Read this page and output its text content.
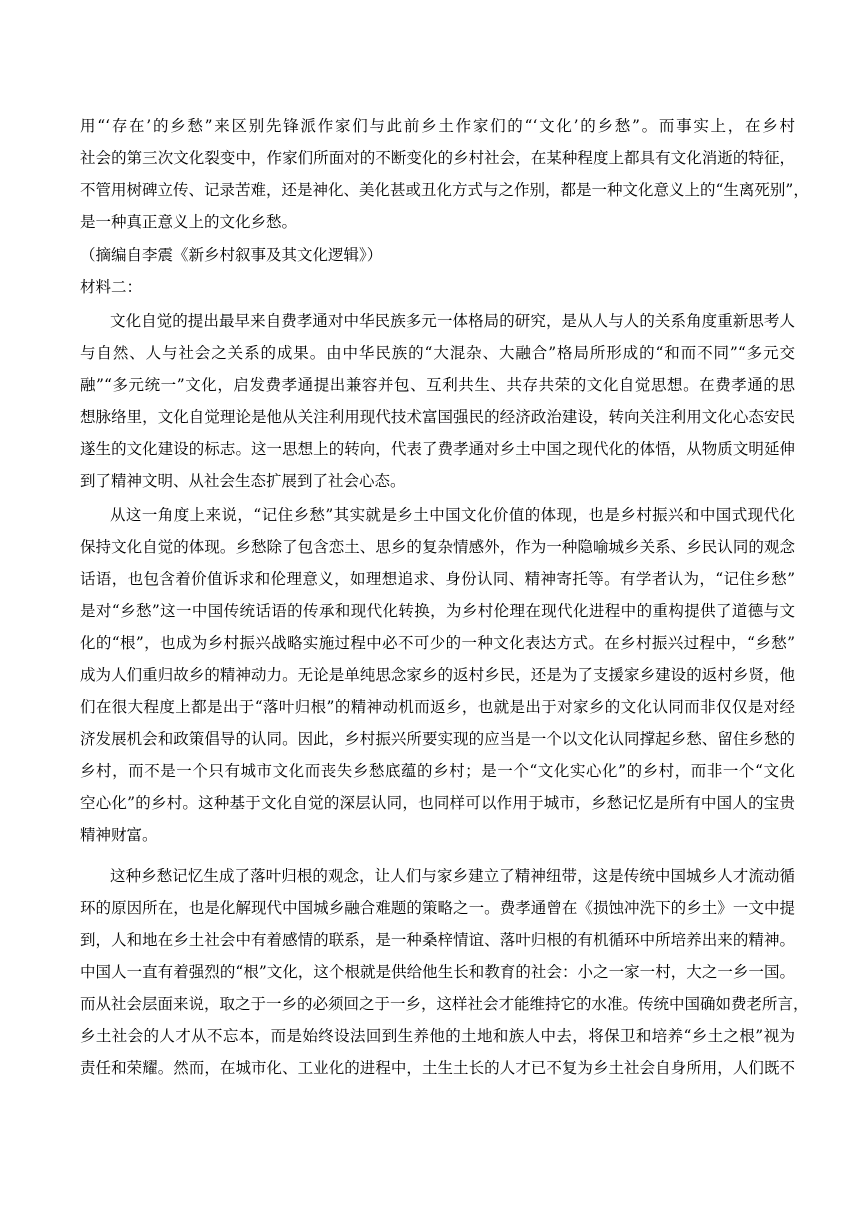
用“‘存在’的乡愁”来区别先锋派作家们与此前乡土作家们的“‘文化’的乡愁”。而事实上，在乡村
社会的第三次文化裂变中，作家们所面对的不断变化的乡村社会，在某种程度上都具有文化消逝的特征，
不管用树碑立传、记录苦难，还是神化、美化甚或丑化方式与之作别，都是一种文化意义上的“生离死别”，
是一种真正意义上的文化乡愁。
（摘编自李震《新乡村叙事及其文化逻辑》）
材料二：
文化自觉的提出最早来自费孝通对中华民族多元一体格局的研究，是从人与人的关系角度重新思考人
与自然、人与社会之关系的成果。由中华民族的“大混杂、大融合”格局所形成的“和而不同”“多元交
融”“多元统一”文化，启发费孝通提出兼容并包、互利共生、共存共荣的文化自觉思想。在费孝通的思
想脉络里，文化自觉理论是他从关注利用现代技术富国强民的经济政治建设，转向关注利用文化心态安民
遂生的文化建设的标志。这一思想上的转向，代表了费孝通对乡土中国之现代化的体悟，从物质文明延伸
到了精神文明、从社会生态扩展到了社会心态。
从这一角度上来说，“记住乡愁”其实就是乡土中国文化价值的体现，也是乡村振兴和中国式现代化
保持文化自觉的体现。乡愁除了包含恋土、思乡的复杂情感外，作为一种隐喻城乡关系、乡民认同的观念
话语，也包含着价值诉求和伦理意义，如理想追求、身份认同、精神寄托等。有学者认为，“记住乡愁”
是对“乡愁”这一中国传统话语的传承和现代化转换，为乡村伦理在现代化进程中的重构提供了道德与文
化的“根”，也成为乡村振兴战略实施过程中必不可少的一种文化表达方式。在乡村振兴过程中，“乡愁”
成为人们重归故乡的精神动力。无论是单纯思念家乡的返村乡民，还是为了支援家乡建设的返村乡贤，他
们在很大程度上都是出于“落叶归根”的精神动机而返乡，也就是出于对家乡的文化认同而非仅仅是对经
济发展机会和政策倡导的认同。因此，乡村振兴所要实现的应当是一个以文化认同撑起乡愁、留住乡愁的
乡村，而不是一个只有城市文化而丧失乡愁底蕴的乡村；是一个“文化实心化”的乡村，而非一个“文化
空心化”的乡村。这种基于文化自觉的深层认同，也同样可以作用于城市，乡愁记忆是所有中国人的宝贵
精神财富。
这种乡愁记忆生成了落叶归根的观念，让人们与家乡建立了精神纽带，这是传统中国城乡人才流动循
环的原因所在，也是化解现代中国城乡融合难题的策略之一。费孝通曾在《损蚀冲洗下的乡土》一文中提
到，人和地在乡土社会中有着感情的联系，是一种桑梓情谊、落叶归根的有机循环中所培养出来的精神。
中国人一直有着强烈的“根”文化，这个根就是供给他生长和教育的社会：小之一家一村，大之一乡一国。
而从社会层面来说，取之于一乡的必须回之于一乡，这样社会才能维持它的水准。传统中国确如费老所言，
乡土社会的人才从不忘本，而是始终设法回到生养他的土地和族人中去，将保卫和培养“乡土之根”视为
责任和荣耀。然而，在城市化、工业化的进程中，土生土长的人才已不复为乡土社会自身所用，人们既不
